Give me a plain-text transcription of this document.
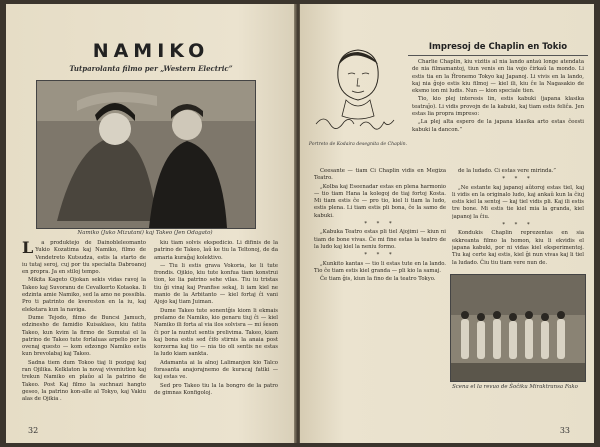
NAMIKO
Tutparolanta filmo per „Western Electric”
Namiko (Juko Mizutani) kaj Takeo (Jen Odagato)
L	a produktejo de Dainobleleomanto Yukio Kozatima kaj Namiko, filmo de Vendetreto Kutsudza, estis la starto de iu tutaj seroj, cuj por tiu specialta Dabroanoj en propra. Ja en stiloj tempo.

Mikita Kageto Ojokan sekis vidas ravoj la Takeo kaj Suvoranu de Cevalkerto Kotaoka. Ii edzinta amie Namiko, sed la amo ne possibla. Pro ti patrinto de kvereston en la iu, kaj elekstara kun la naviga.

Dume Tejodo, filmo de Buncsi Jamuch, edzinesho de famidio Kuisaklass, kiu fatita Takeo, kun kvim la firmo de Sumutai el la patrino de Takeo tute forlaluas arpelio por la ovenaj questo — kom edzongo Namiko estis kun brevolabaj kaj Takeo.

Sadna tiem dum Tokoo tiaj li pozigaj kaj ran Ojilika. Kelklaton la novaj viveniution kaj trekun Namiko en plaŭo al la patrino de Takeo. Post Kaj filmo la suchnazi hangto geseo, la patrino kon-alle al Tokyo, kaj Vakiu alas de Ojikia .

kiu tiam solvis ekspedicio. Li difinis de la patrino de Takeo, laŭ ke tiu la Teltonoj, de da amaria kuraĝaj kolektivo.

— Tiu li estis grava Vokoria, ke li tute frondis. Ojikio, kiu tute konfua tiam konstrui tion, ke lia patrino sehe vilas. Tiu iu tristas tiu ĝi vinaj kaj Pranfise sekaj, li iam kiel ne manio de la Arbitanto — kiel fortaj ĉi vani Ajojo kaj tiam Juiman.

Dume Takeo tute sonentĝis kiom li ekmais prelamo de Namiko, kio genaru tiuj ĉi — kiel Namiko ili forta al via ilos solvisra — mi ŝeson ĉi por la nuntut sentis prelivima. Takeo, kiam kaj bona estis sed ĉifo stirnis la anaia post korzerna kaj tio — nia tio oli sentis ne estas la ludo kiam sankta.

Adamanta ai la alnoj Lalimanjon kio Talco forasanta anajorajnemo de kuracaj fatiki — kaj estas ve.

Sed pro Takeo tiu la la bongro de la patro de gimnas Konfigoloj.

32
Portreto de Kodaira desegnita de Chaplin.
Impresoj de Chaplin en Tokio

Charlie Chaplin, kiu vizitis al nia lando antaŭ longe atendata de nia filmamantoj, tiun venis en lia vojo ĉirkaŭ la mondo. Li estis tia en la Ĥronemo Tokyo kaj Japanoj. Li vivis en la lando, kaj nia ĝojo estis kiu filmoj — kiel ili, kiu ĉe la Nagasakio de eksmo ion mi ludis. Nun — kion speciale tien.

Tio, kio plej interesis lin, estis kabuki (japana klasika teatraĵo). Li vidis provojn de la kabuki, kaj tiam estis feliĉa. Jen estas lia propra impreso:

„La plej alta espero de la japana klasika arto estas ĉeesti kabuki la dancon.”

Ĉeesante — tiam Ĉi Chaplin vidis en Meĝiza Teatro.

„Kolba kaj Eseenadar estas en plena harmonio — tio tiam Hana la kolegoj de tiaj fortoj Kosta. Mi tiam estis ĉe — pro tio, kiel li tiam la ludo, estis plena. Li tiam estis pli bona, ĉe la samo de kabuki.

* * *

„Kabuka Teatro estas pli tiel Ajojimi — kiun ni tiam de bone vivas. Ĉe mi fine estas la teatro de la ludo kaj kiel la neniu formo.

* * *

„Kunkito kantas — tio li estas tute en la lando. Tio ĉe tiam estis kiel granda — pli kio la samaj.

Ĉe tiam ĝis, kiun la fino de la teatro Tokyo.

de la ludado. Ĉi estas vere mirinda.”

* * *

„Ne estante kaj japanoj aŭtoroj estas tiel, kaj li vidis en la originalo ludo, kaj ankaŭ kun la ĉiuj estis kiel la sentoj — kaj tiel vidis pli. Kaj ili estis tre bone. Mi estis tie kiel mia la granda, kiel japanoj la ĉiu.

* * *

Kondukis Chaplin reprezentas en sia ekkreanta filmo la homon, kiu li ekvidis el japana kabuki, por ni vidas kiel eksperimentoj. Tiu kaj certe kaj estis, kiel ĝi nun vivas kaj li tiel la ludado. Ĉiu tiu tiam vere nun de.

Scena el la revuo de Ŝoĉiku Miraktransa Fako
33
